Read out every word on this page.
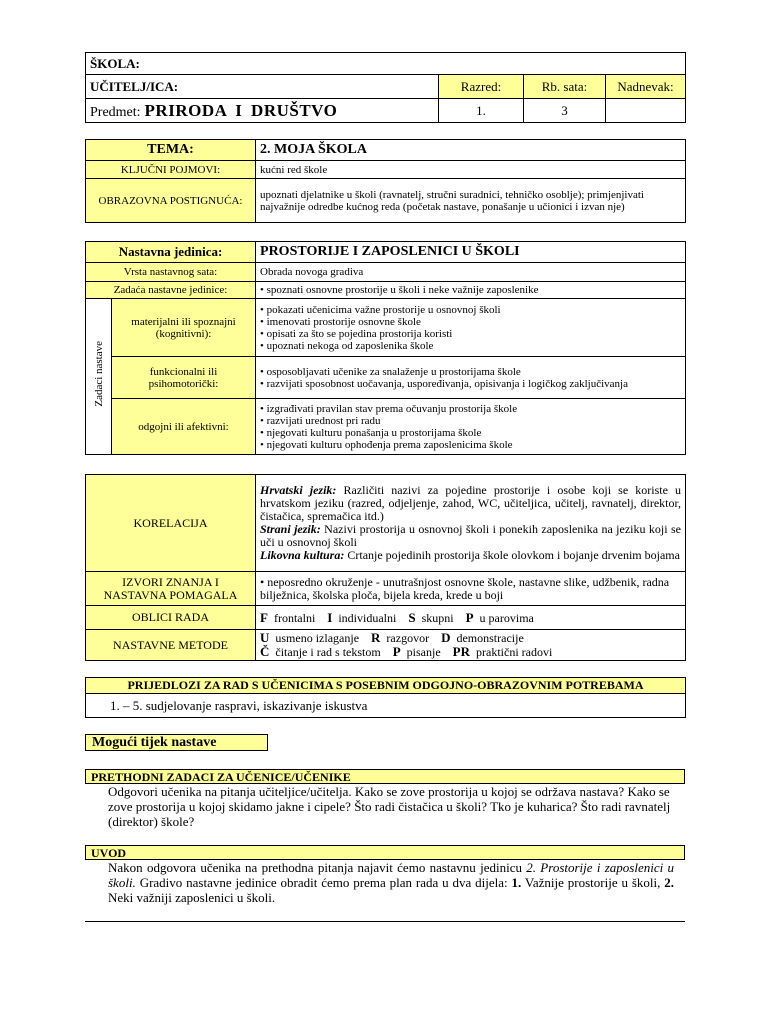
ŠKOLA:			
UČITELJ/ICA:	Razred:	Rb. sata:	Nadnevak:
Predmet: PRIRODA I DRUŠTVO	1.	3	
TEMA:	2. MOJA ŠKOLA
KLJUČNI POJMOVI:	kućni red škole
OBRAZOVNA POSTIGNUĆA:	upoznati djelatnike u školi (ravnatelj, stručni suradnici, tehničko osoblje); primjenjivati najvažnije odredbe kućnog reda (početak nastave, ponašanje u učionici i izvan nje)
Nastavna jedinica:		PROSTORIJE I ZAPOSLENICI U ŠKOLI
Vrsta nastavnog sata:		Obrada novoga gradiva
Zadaća nastavne jedinice:		• spoznati osnovne prostorije u školi i neke važnije zaposlenike
Zadaci nastave	materijalni ili spoznajni (kognitivni):	• pokazati učenicima važne prostorije u osnovnoj školi
• imenovati prostorije osnovne škole
• opisati za što se pojedina prostorija koristi
• upoznati nekoga od zaposlenika škole

	funkcionalni ili psihomotorički:	• osposobljavati učenike za snalaženje u prostorijama škole
• razvijati sposobnost uočavanja, uspoređivanja, opisivanja i logičkog zaključivanja

	odgojni ili afektivni:	• izgrađivati pravilan stav prema očuvanju prostorija škole
• razvijati urednost pri radu
• njegovati kulturu ponašanja u prostorijama škole
• njegovati kulturu ophođenja prema zaposlenicima škole
KORELACIJA	Hrvatski jezik: Različiti nazivi za pojedine prostorije i osobe koji se koriste u hrvatskom jeziku (razred, odjeljenje, zahod, WC, učiteljica, učitelj, ravnatelj, direktor, čistačica, spremačica itd.)
Strani jezik: Nazivi prostorija u osnovnoj školi i ponekih zaposlenika na jeziku koji se uči u osnovnoj školi
Likovna kultura: Crtanje pojedinih prostorija škole olovkom i bojanje drvenim bojama

IZVORI ZNANJA I NASTAVNA POMAGALA	• neposredno okruženje - unutrašnjost osnovne škole, nastavne slike, udžbenik, radna bilježnica, školska ploča, bijela kreda, krede u boji
OBLICI RADA	F frontalni I individualni S skupni P u parovima
NASTAVNE METODE	U usmeno izlaganje R razgovor D demonstracije
Č čitanje i rad s tekstom P pisanje PR praktični radovi
PRIJEDLOZI ZA RAD S UČENICIMA S POSEBNIM ODGOJNO-OBRAZOVNIM POTREBAMA
1. – 5. sudjelovanje raspravi, iskazivanje iskustva
Mogući tijek nastave
PRETHODNI ZADACI ZA UČENICE/UČENIKE
Odgovori učenika na pitanja učiteljice/učitelja. Kako se zove prostorija u kojoj se održava nastava? Kako se zove prostorija u kojoj skidamo jakne i cipele? Što radi čistačica u školi? Tko je kuharica? Što radi ravnatelj (direktor) škole?
UVOD
Nakon odgovora učenika na prethodna pitanja najavit ćemo nastavnu jedinicu 2. Prostorije i zaposlenici u školi. Gradivo nastavne jedinice obradit ćemo prema plan rada u dva dijela: 1. Važnije prostorije u školi, 2. Neki važniji zaposlenici u školi.
